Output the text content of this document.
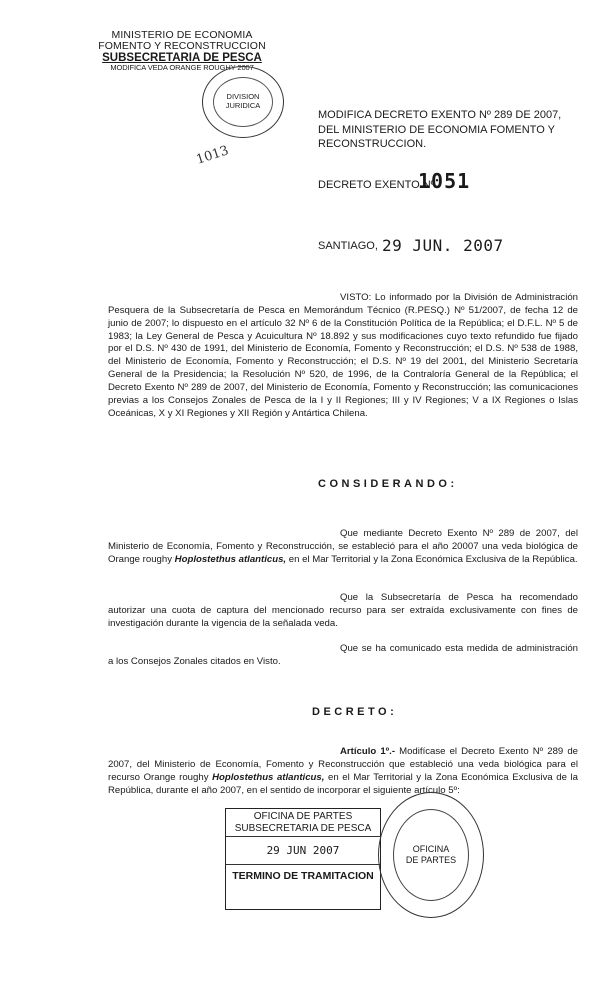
MINISTERIO DE ECONOMIA
FOMENTO Y RECONSTRUCCION
SUBSECRETARIA DE PESCA
MODIFICA VEDA ORANGE ROUGHY 2007
DIVISION
JURIDICA
1013
MODIFICA DECRETO EXENTO Nº 289 DE 2007,
DEL MINISTERIO DE ECONOMIA FOMENTO Y
RECONSTRUCCION.
DECRETO EXENTO Nº
1051
SANTIAGO, 29 JUN. 2007
VISTO: Lo informado por la División de Administración Pesquera de la Subsecretaría de Pesca en Memorándum Técnico (R.PESQ.) Nº 51/2007, de fecha 12 de junio de 2007; lo dispuesto en el artículo 32 Nº 6 de la Constitución Política de la República; el D.F.L. Nº 5 de 1983; la Ley General de Pesca y Acuicultura Nº 18.892 y sus modificaciones cuyo texto refundido fue fijado por el D.S. Nº 430 de 1991, del Ministerio de Economía, Fomento y Reconstrucción; el D.S. Nº 538 de 1988, del Ministerio de Economía, Fomento y Reconstrucción; el D.S. Nº 19 del 2001, del Ministerio Secretaría General de la Presidencia; la Resolución Nº 520, de 1996, de la Contraloría General de la República; el Decreto Exento Nº 289 de 2007, del Ministerio de Economía, Fomento y Reconstrucción; las comunicaciones previas a los Consejos Zonales de Pesca de la I y II Regiones; III y IV Regiones; V a IX Regiones o Islas Oceánicas, X y XI Regiones y XII Región y Antártica Chilena.
CONSIDERANDO:
Que mediante Decreto Exento Nº 289 de 2007, del Ministerio de Economía, Fomento y Reconstrucción, se estableció para el año 20007 una veda biológica de Orange roughy Hoplostethus atlanticus, en el Mar Territorial y la Zona Económica Exclusiva de la República.
Que la Subsecretaría de Pesca ha recomendado autorizar una cuota de captura del mencionado recurso para ser extraída exclusivamente con fines de investigación durante la vigencia de la señalada veda.
Que se ha comunicado esta medida de administración a los Consejos Zonales citados en Visto.
DECRETO:
Artículo 1º.- Modifícase el Decreto Exento Nº 289 de 2007, del Ministerio de Economía, Fomento y Reconstrucción que estableció una veda biológica para el recurso Orange roughy Hoplostethus atlanticus, en el Mar Territorial y la Zona Económica Exclusiva de la República, durante el año 2007, en el sentido de incorporar el siguiente artículo 5º:
OFICINA DE PARTES
SUBSECRETARIA DE PESCA
29 JUN 2007
TERMINO DE TRAMITACION
OFICINA
DE PARTES
